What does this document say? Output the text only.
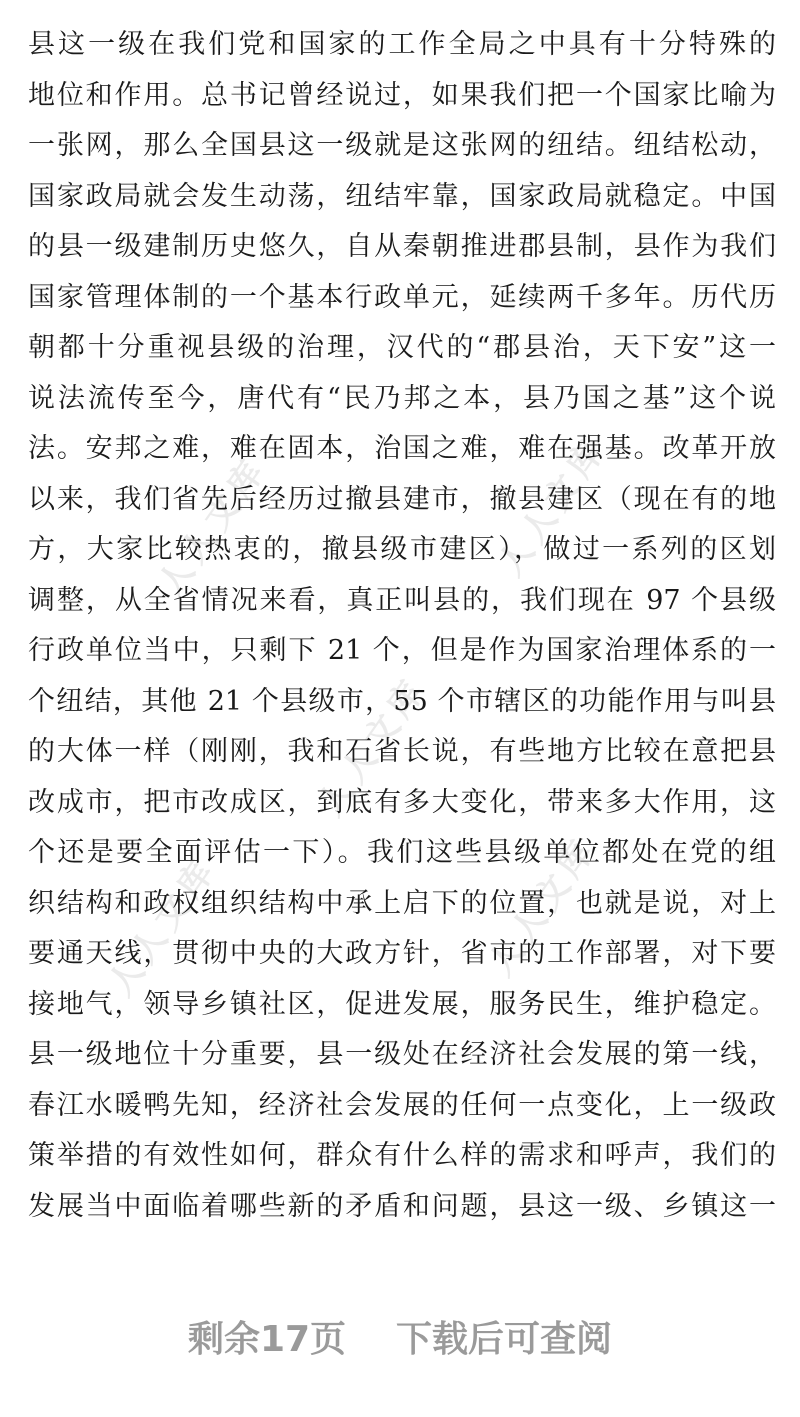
人人文库	人人文库
人人文库
人人文库	人人文库
县这一级在我们党和国家的工作全局之中具有十分特殊的
地位和作用。总书记曾经说过，如果我们把一个国家比喻为
一张网，那么全国县这一级就是这张网的纽结。纽结松动，
国家政局就会发生动荡，纽结牢靠，国家政局就稳定。中国
的县一级建制历史悠久，自从秦朝推进郡县制，县作为我们
国家管理体制的一个基本行政单元，延续两千多年。历代历
朝都十分重视县级的治理，汉代的“郡县治，天下安”这一
说法流传至今，唐代有“民乃邦之本，县乃国之基”这个说
法。安邦之难，难在固本，治国之难，难在强基。改革开放
以来，我们省先后经历过撤县建市，撤县建区（现在有的地
方，大家比较热衷的，撤县级市建区），做过一系列的区划
调整，从全省情况来看，真正叫县的，我们现在 97 个县级
行政单位当中，只剩下 21 个，但是作为国家治理体系的一
个纽结，其他 21 个县级市，55 个市辖区的功能作用与叫县
的大体一样（刚刚，我和石省长说，有些地方比较在意把县
改成市，把市改成区，到底有多大变化，带来多大作用，这
个还是要全面评估一下）。我们这些县级单位都处在党的组
织结构和政权组织结构中承上启下的位置，也就是说，对上
要通天线，贯彻中央的大政方针，省市的工作部署，对下要
接地气，领导乡镇社区，促进发展，服务民生，维护稳定。
县一级地位十分重要，县一级处在经济社会发展的第一线，
春江水暖鸭先知，经济社会发展的任何一点变化，上一级政
策举措的有效性如何，群众有什么样的需求和呼声，我们的
发展当中面临着哪些新的矛盾和问题，县这一级、乡镇这一
剩余17页 下载后可查阅
